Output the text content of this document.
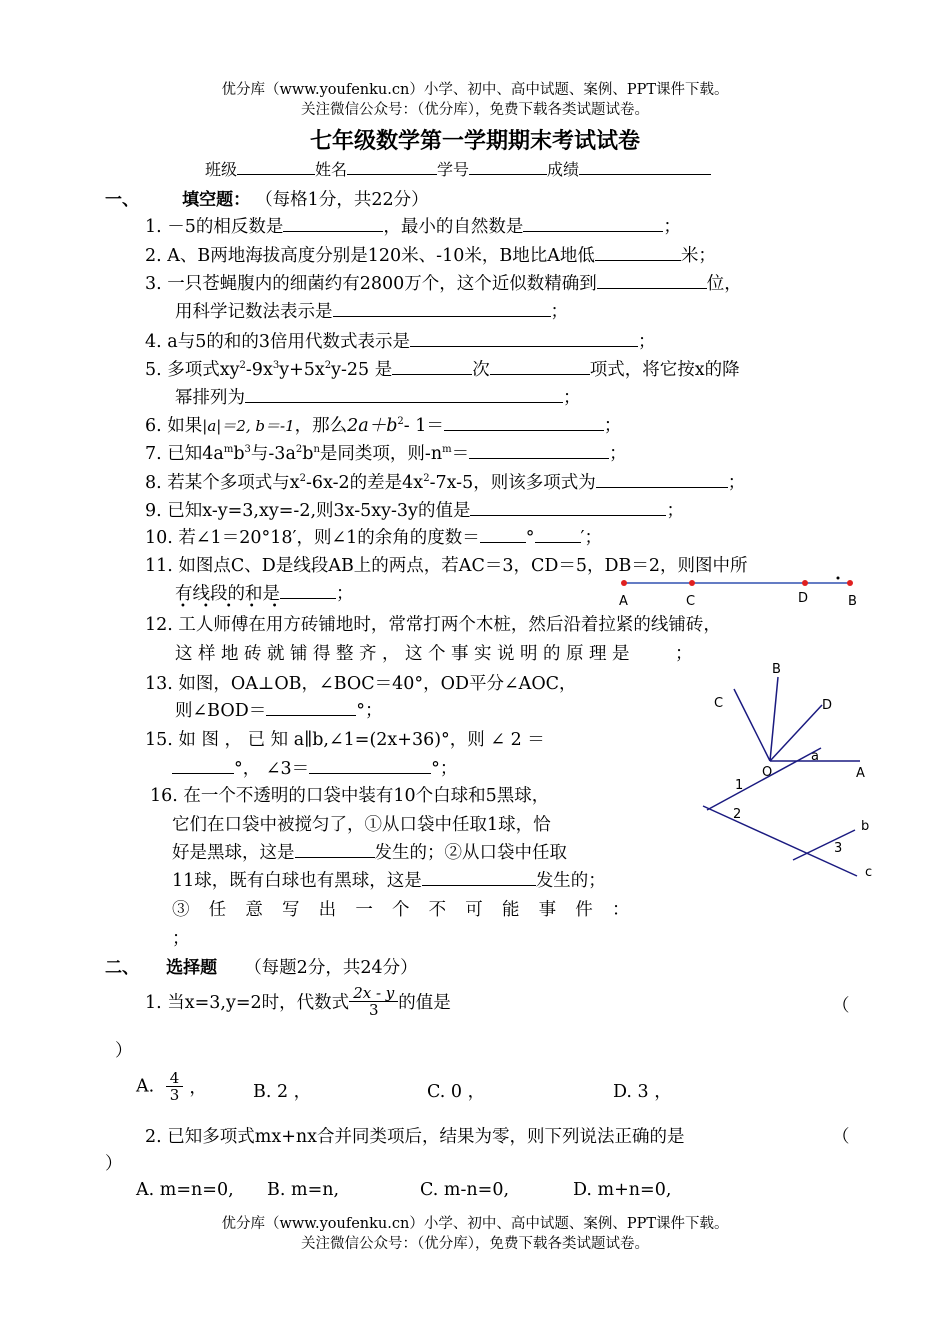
优分库（www.youfenku.cn）小学、初中、高中试题、案例、PPT课件下载。
关注微信公众号：（优分库），免费下载各类试题试卷。
七年级数学第一学期期末考试试卷
班级	姓名	学号	成绩
一、	填空题： （每格1分，共22分）
1. －5的相反数是	，最小的自然数是	；
2. A、B两地海拔高度分别是120米、-10米，B地比A地低	米；
3. 一只苍蝇腹内的细菌约有2800万个，这个近似数精确到	位，
用科学记数法表示是	；
4. a与5的和的3倍用代数式表示是	；
5. 多项式$xy^2-9x^3y+5x^2y-25$ 是	次	项式，将它按x的降
幂排列为	；
6. 如果|a|＝2, b＝-1，那么$2a+b^2-$ 1＝	；
7. 已知$4a^mb^3$与$-3a^2b^n$是同类项，则$-n^m=$	；
8. 若某个多项式与$x^2-6x-2$的差是$4x^2-7x-5$，则该多项式为	；
9. 已知x-y=3,xy=-2,则3x-5xy-3y的值是	；
10. 若∠1＝20°18′，则∠1的余角的度数＝	°	′；
11. 如图点C、D是线段AB上的两点，若AC＝3，CD＝5，DB＝2，则图中所
有线段的和是	；	A	C	D	B
•••••
12. 工人师傅在用方砖铺地时，常常打两个木桩，然后沿着拉紧的线铺砖，
这样地砖就铺得整齐，这个事实说明的原理是 ；
13. 如图，OA⊥OB，∠BOC＝40°，OD平分∠AOC，
则∠BOD＝	°；
B
C	D
O	A
15. 如 图 ， 已 知 a∥b,∠1=(2x+36)°，则 ∠ 2 ＝
°， ∠3＝	°；
a
1
2
b
3
c
16. 在一个不透明的口袋中装有10个白球和5黑球，
它们在口袋中被搅匀了，①从口袋中任取1球，恰
好是黑球，这是	发生的；②从口袋中任取
11球，既有白球也有黑球，这是	发生的；
③ 任 意 写 出 一 个 不 可 能 事 件 ：
；
二、 选择题 （每题2分，共24分）
1. 当x=3,y=2时，代数式 $\frac{2x - y}{3}$ 的值是	（
）
A. $\frac{4}{3}$ ，	B. 2 ，	C. 0 ，	D. 3 ，
2. 已知多项式mx+nx合并同类项后，结果为零，则下列说法正确的是	（
）
A. m=n=0, B. m=n,	C. m-n=0,	D. m+n=0,
优分库（www.youfenku.cn）小学、初中、高中试题、案例、PPT课件下载。
关注微信公众号：（优分库），免费下载各类试题试卷。
